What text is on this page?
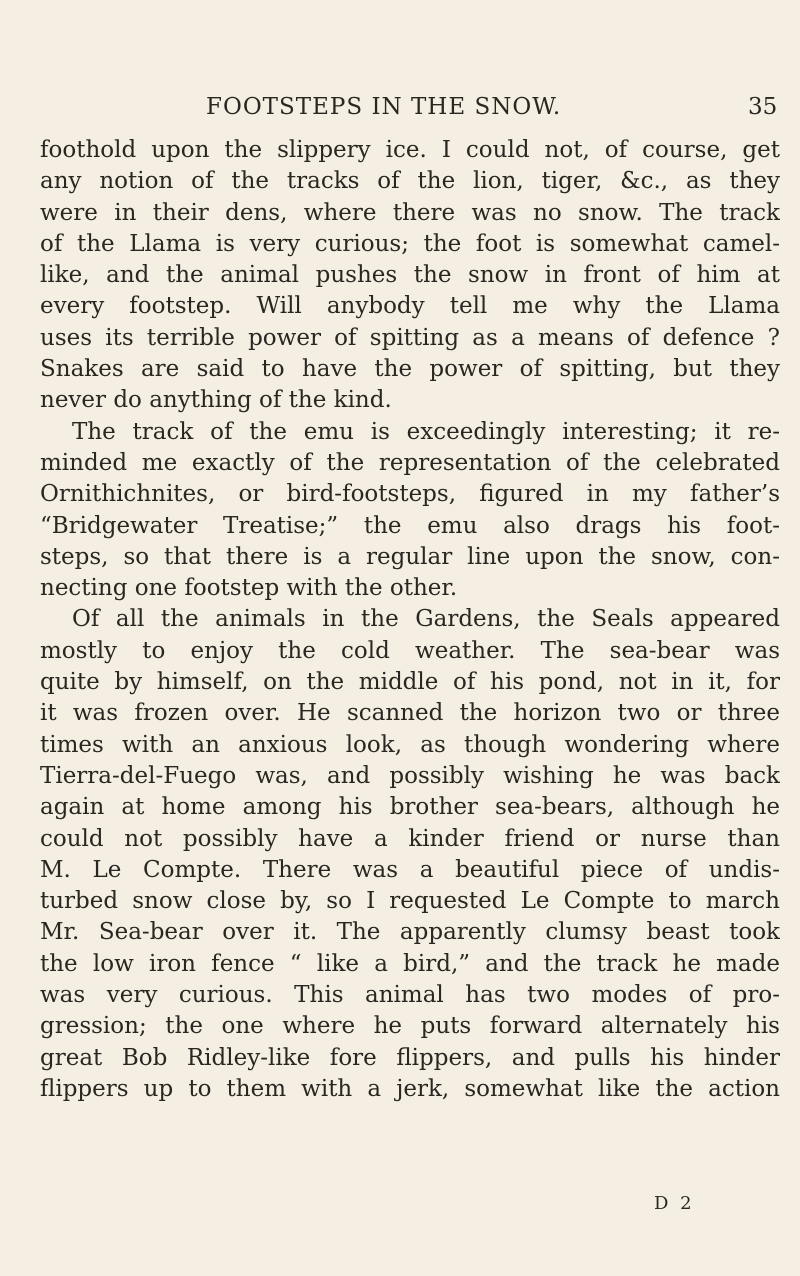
FOOTSTEPS IN THE SNOW.	35
foothold upon the slippery ice. I could not, of course, get
any notion of the tracks of the lion, tiger, &c., as they
were in their dens, where there was no snow. The track
of the Llama is very curious; the foot is somewhat camel-
like, and the animal pushes the snow in front of him at
every footstep. Will anybody tell me why the Llama
uses its terrible power of spitting as a means of defence ?
Snakes are said to have the power of spitting, but they
never do anything of the kind.
The track of the emu is exceedingly interesting; it re-
minded me exactly of the representation of the celebrated
Ornithichnites, or bird-footsteps, figured in my father’s
“Bridgewater Treatise;” the emu also drags his foot-
steps, so that there is a regular line upon the snow, con-
necting one footstep with the other.
Of all the animals in the Gardens, the Seals appeared
mostly to enjoy the cold weather. The sea-bear was
quite by himself, on the middle of his pond, not in it, for
it was frozen over. He scanned the horizon two or three
times with an anxious look, as though wondering where
Tierra-del-Fuego was, and possibly wishing he was back
again at home among his brother sea-bears, although he
could not possibly have a kinder friend or nurse than
M. Le Compte. There was a beautiful piece of undis-
turbed snow close by, so I requested Le Compte to march
Mr. Sea-bear over it. The apparently clumsy beast took
the low iron fence “ like a bird,” and the track he made
was very curious. This animal has two modes of pro-
gression; the one where he puts forward alternately his
great Bob Ridley-like fore flippers, and pulls his hinder
flippers up to them with a jerk, somewhat like the action
D 2
